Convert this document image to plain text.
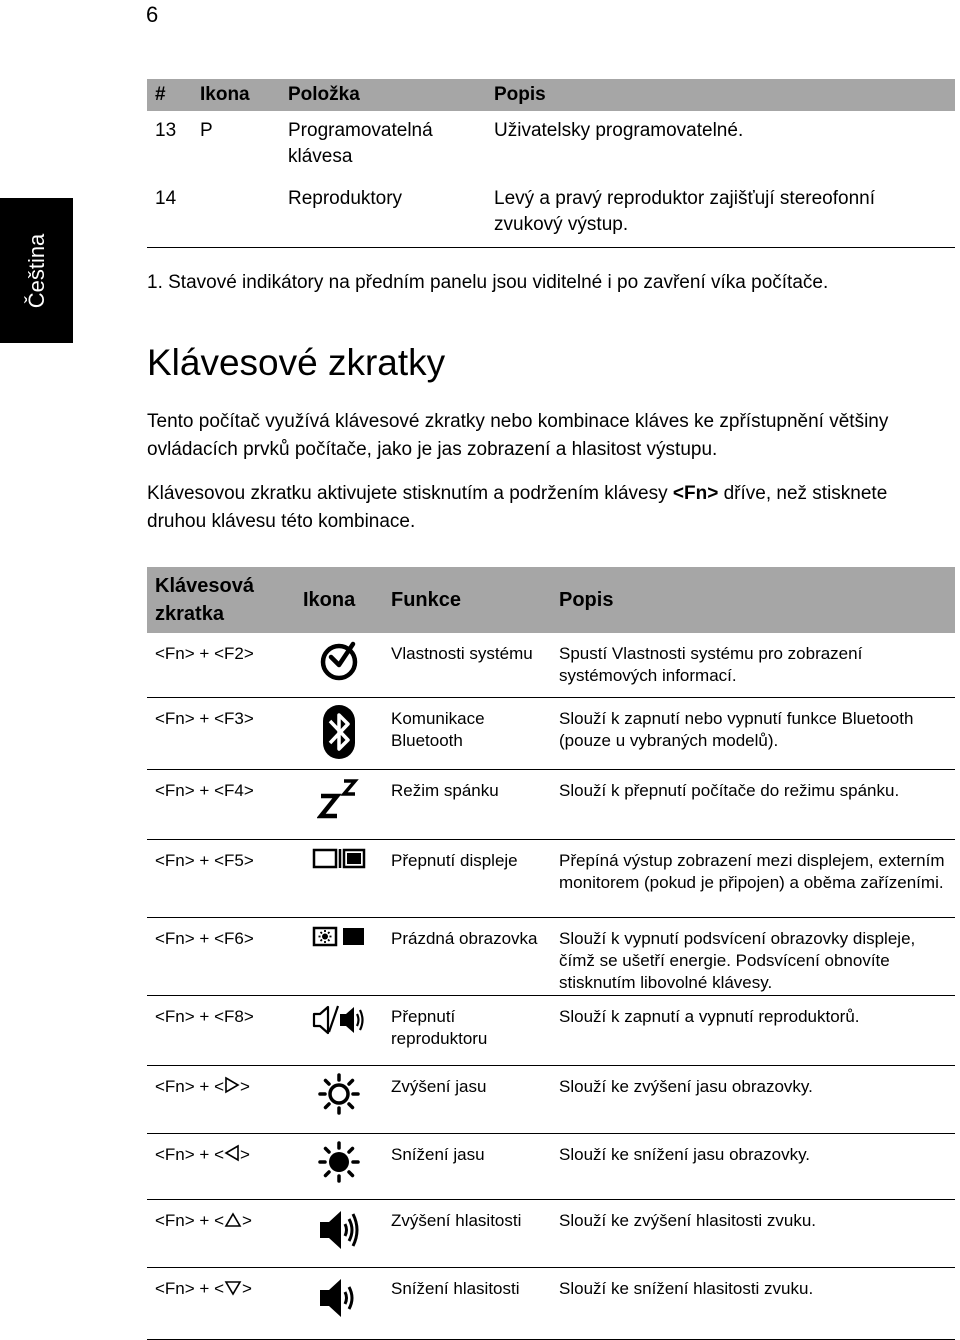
6
Čeština
#	Ikona	Položka	Popis
13	P	Programovatelná klávesa	Uživatelsky programovatelné.
14		Reproduktory	Levý a pravý reproduktor zajišťují stereofonní zvukový výstup.
1. Stavové indikátory na předním panelu jsou viditelné i po zavření víka počítače.
Klávesové zkratky

Tento počítač využívá klávesové zkratky nebo kombinace kláves ke zpřístupnění většiny ovládacích prvků počítače, jako je jas zobrazení a hlasitost výstupu.

Klávesovou zkratku aktivujete stisknutím a podržením klávesy <Fn> dříve, než stisknete druhou klávesu této kombinace.

Klávesová zkratka	Ikona	Funkce	Popis
<Fn> + <F2>		Vlastnosti systému	Spustí Vlastnosti systému pro zobrazení systémových informací.
<Fn> + <F3>		Komunikace Bluetooth	Slouží k zapnutí nebo vypnutí funkce Bluetooth (pouze u vybraných modelů).
<Fn> + <F4>		Režim spánku	Slouží k přepnutí počítače do režimu spánku.
<Fn> + <F5>		Přepnutí displeje	Přepíná výstup zobrazení mezi displejem, externím monitorem (pokud je připojen) a oběma zařízeními.
<Fn> + <F6>		Prázdná obrazovka	Slouží k vypnutí podsvícení obrazovky displeje, čímž se ušetří energie. Podsvícení obnovíte stisknutím libovolné klávesy.
<Fn> + <F8>		Přepnutí reproduktoru	Slouží k zapnutí a vypnutí reproduktorů.
<Fn> + < >		Zvýšení jasu	Slouží ke zvýšení jasu obrazovky.
<Fn> + < >		Snížení jasu	Slouží ke snížení jasu obrazovky.
<Fn> + < >		Zvýšení hlasitosti	Slouží ke zvýšení hlasitosti zvuku.
<Fn> + < >		Snížení hlasitosti	Slouží ke snížení hlasitosti zvuku.
